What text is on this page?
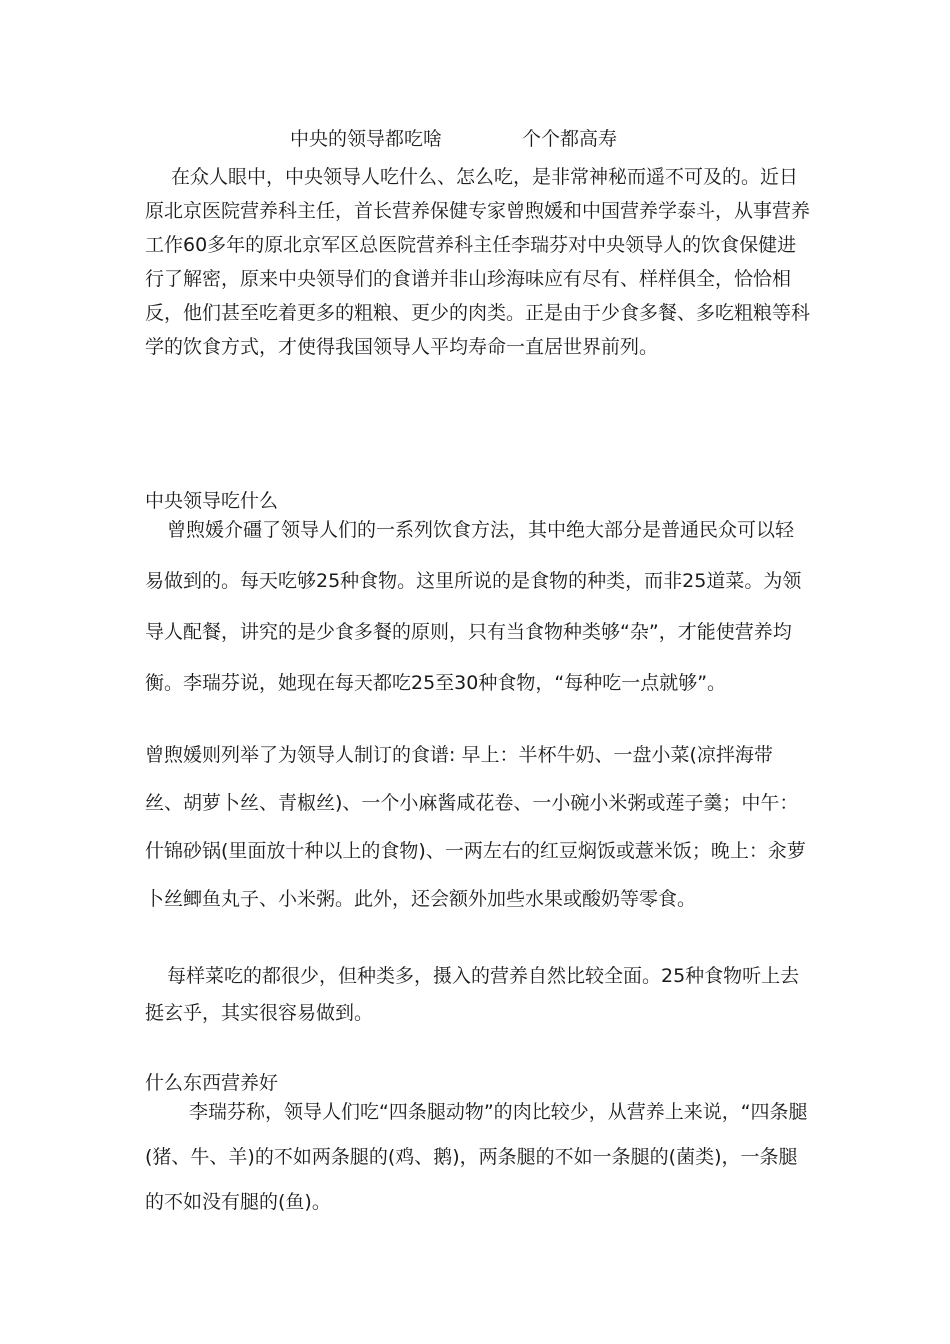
中央的领导都吃啥	个个都高寿

在众人眼中，中央领导人吃什么、怎么吃，是非常神秘而遥不可及的。近日原北京医院营养科主任，首长营养保健专家曾煦媛和中国营养学泰斗，从事营养工作60多年的原北京军区总医院营养科主任李瑞芬对中央领导人的饮食保健进行了解密，原来中央领导们的食谱并非山珍海味应有尽有、样样俱全，恰恰相反，他们甚至吃着更多的粗粮、更少的肉类。正是由于少食多餐、多吃粗粮等科学的饮食方式，才使得我国领导人平均寿命一直居世界前列。

中央领导吃什么
曾煦媛介礓了领导人们的一系列饮食方法，其中绝大部分是普通民众可以轻易做到的。每天吃够25种食物。这里所说的是食物的种类，而非25道菜。为领导人配餐，讲究的是少食多餐的原则，只有当食物种类够“杂”，才能使营养均衡。李瑞芬说，她现在每天都吃25至30种食物，“每种吃一点就够”。

曾煦媛则列举了为领导人制订的食谱: 早上：半杯牛奶、一盘小菜(凉拌海带丝、胡萝卜丝、青椒丝)、一个小麻酱咸花卷、一小碗小米粥或莲子羹；中午：什锦砂锅(里面放十种以上的食物)、一两左右的红豆焖饭或薏米饭；晚上：汆萝卜丝鲫鱼丸子、小米粥。此外，还会额外加些水果或酸奶等零食。

每样菜吃的都很少，但种类多，摄入的营养自然比较全面。25种食物听上去挺玄乎，其实很容易做到。

什么东西营养好
李瑞芬称，领导人们吃“四条腿动物”的肉比较少，从营养上来说，“四条腿(猪、牛、羊)的不如两条腿的(鸡、鹅)，两条腿的不如一条腿的(菌类)，一条腿的不如没有腿的(鱼)。
